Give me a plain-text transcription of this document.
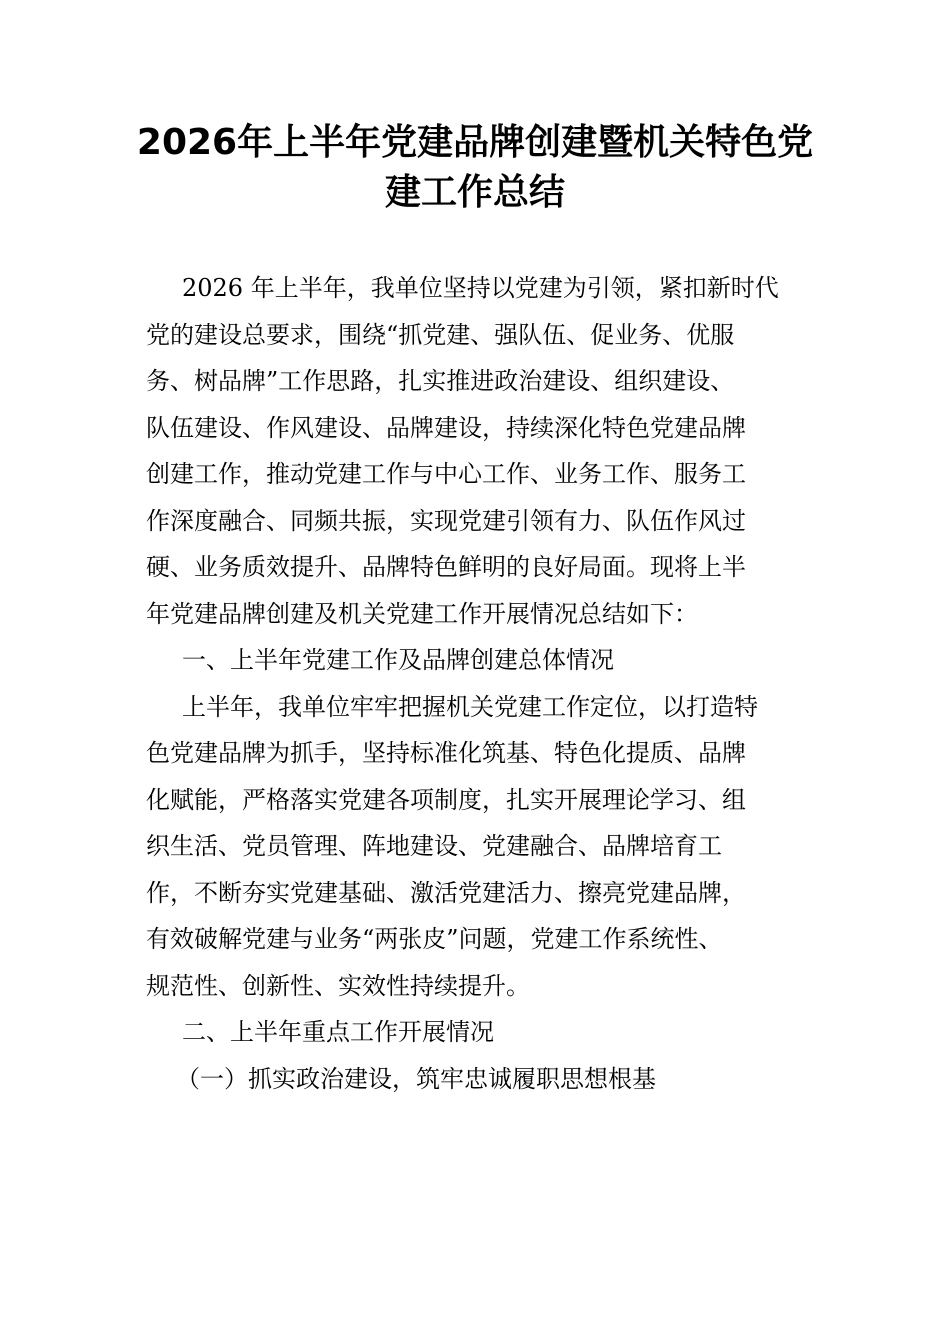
2026年上半年党建品牌创建暨机关特色党
建工作总结

2026 年上半年，我单位坚持以党建为引领，紧扣新时代
党的建设总要求，围绕“抓党建、强队伍、促业务、优服
务、树品牌”工作思路，扎实推进政治建设、组织建设、
队伍建设、作风建设、品牌建设，持续深化特色党建品牌
创建工作，推动党建工作与中心工作、业务工作、服务工
作深度融合、同频共振，实现党建引领有力、队伍作风过
硬、业务质效提升、品牌特色鲜明的良好局面。现将上半
年党建品牌创建及机关党建工作开展情况总结如下：

一、上半年党建工作及品牌创建总体情况

上半年，我单位牢牢把握机关党建工作定位，以打造特
色党建品牌为抓手，坚持标准化筑基、特色化提质、品牌
化赋能，严格落实党建各项制度，扎实开展理论学习、组
织生活、党员管理、阵地建设、党建融合、品牌培育工
作，不断夯实党建基础、激活党建活力、擦亮党建品牌，
有效破解党建与业务“两张皮”问题，党建工作系统性、
规范性、创新性、实效性持续提升。

二、上半年重点工作开展情况

（一）抓实政治建设，筑牢忠诚履职思想根基
